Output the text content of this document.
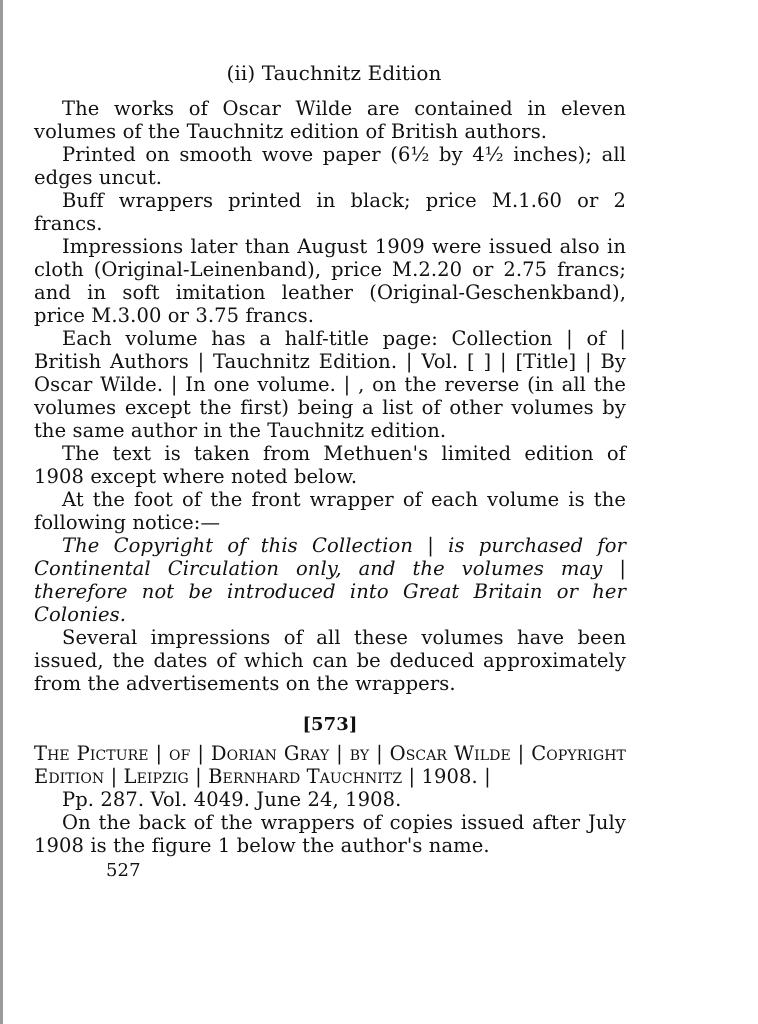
(ii) Tauchnitz Edition

The works of Oscar Wilde are contained in eleven volumes of the Tauchnitz edition of British authors.

Printed on smooth wove paper (6½ by 4½ inches); all edges uncut.

Buff wrappers printed in black; price M.1.60 or 2 francs.

Impressions later than August 1909 were issued also in cloth (Original-Leinenband), price M.2.20 or 2.75 francs; and in soft imitation leather (Original-Geschenkband), price M.3.00 or 3.75 francs.

Each volume has a half-title page: Collection | of | British Authors | Tauchnitz Edition. | Vol. [ ] | [Title] | By Oscar Wilde. | In one volume. | , on the reverse (in all the volumes except the first) being a list of other volumes by the same author in the Tauchnitz edition.

The text is taken from Methuen's limited edition of 1908 except where noted below.

At the foot of the front wrapper of each volume is the following notice:—

The Copyright of this Collection | is purchased for Continental Circulation only, and the volumes may | therefore not be introduced into Great Britain or her Colonies.

Several impressions of all these volumes have been issued, the dates of which can be deduced approximately from the advertisements on the wrappers.

[573]

The Picture | of | Dorian Gray | by | Oscar Wilde | Copyright Edition | Leipzig | Bernhard Tauchnitz | 1908. |

Pp. 287. Vol. 4049. June 24, 1908.

On the back of the wrappers of copies issued after July 1908 is the figure 1 below the author's name.

527
